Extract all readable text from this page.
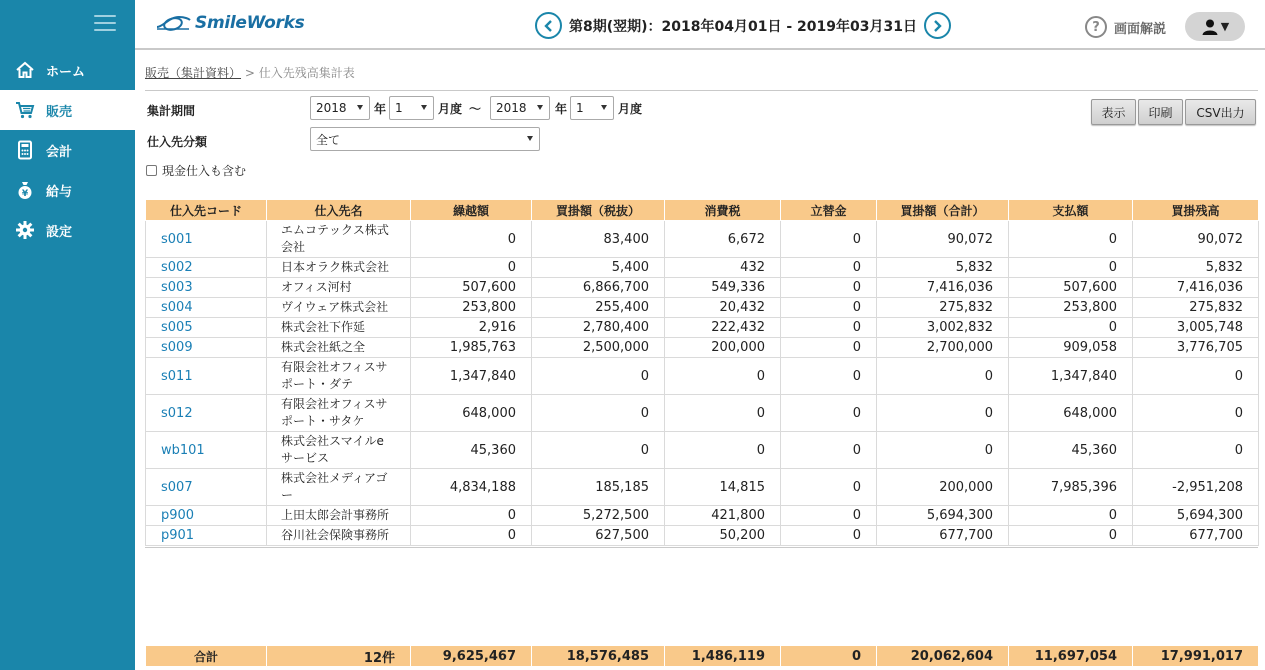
ホーム
販売
会計
¥ 給与
設定
SmileWorks	第8期(翌期)：2018年04月01日 - 2019年03月31日	?	画面解説	▼
販売（集計資料） > 仕入先残高集計表
集計期間	2018 年 1	月度 〜 2018 年 1	月度
仕入先分類	全て
現金仕入も含む
表示	印刷	CSV出力
仕入先コード	仕入先名	繰越額	買掛額（税抜）	消費税	立替金	買掛額（合計）	支払額	買掛残高
s001	エムコテックス株式会社	0	83,400	6,672	0	90,072	0	90,072
s002	日本オラク株式会社	0	5,400	432	0	5,832	0	5,832
s003	オフィス河村	507,600	6,866,700	549,336	0	7,416,036	507,600	7,416,036
s004	ヴイウェア株式会社	253,800	255,400	20,432	0	275,832	253,800	275,832
s005	株式会社下作延	2,916	2,780,400	222,432	0	3,002,832	0	3,005,748
s009	株式会社紙之全	1,985,763	2,500,000	200,000	0	2,700,000	909,058	3,776,705
s011	有限会社オフィスサポート・ダテ	1,347,840	0	0	0	0	1,347,840	0
s012	有限会社オフィスサポート・サタケ	648,000	0	0	0	0	648,000	0
wb101	株式会社スマイルeサービス	45,360	0	0	0	0	45,360	0
s007	株式会社メディアゴー	4,834,188	185,185	14,815	0	200,000	7,985,396	-2,951,208
p900	上田太郎会計事務所	0	5,272,500	421,800	0	5,694,300	0	5,694,300
p901	谷川社会保険事務所	0	627,500	50,200	0	677,700	0	677,700
合計	12件	9,625,467	18,576,485	1,486,119	0	20,062,604	11,697,054	17,991,017
